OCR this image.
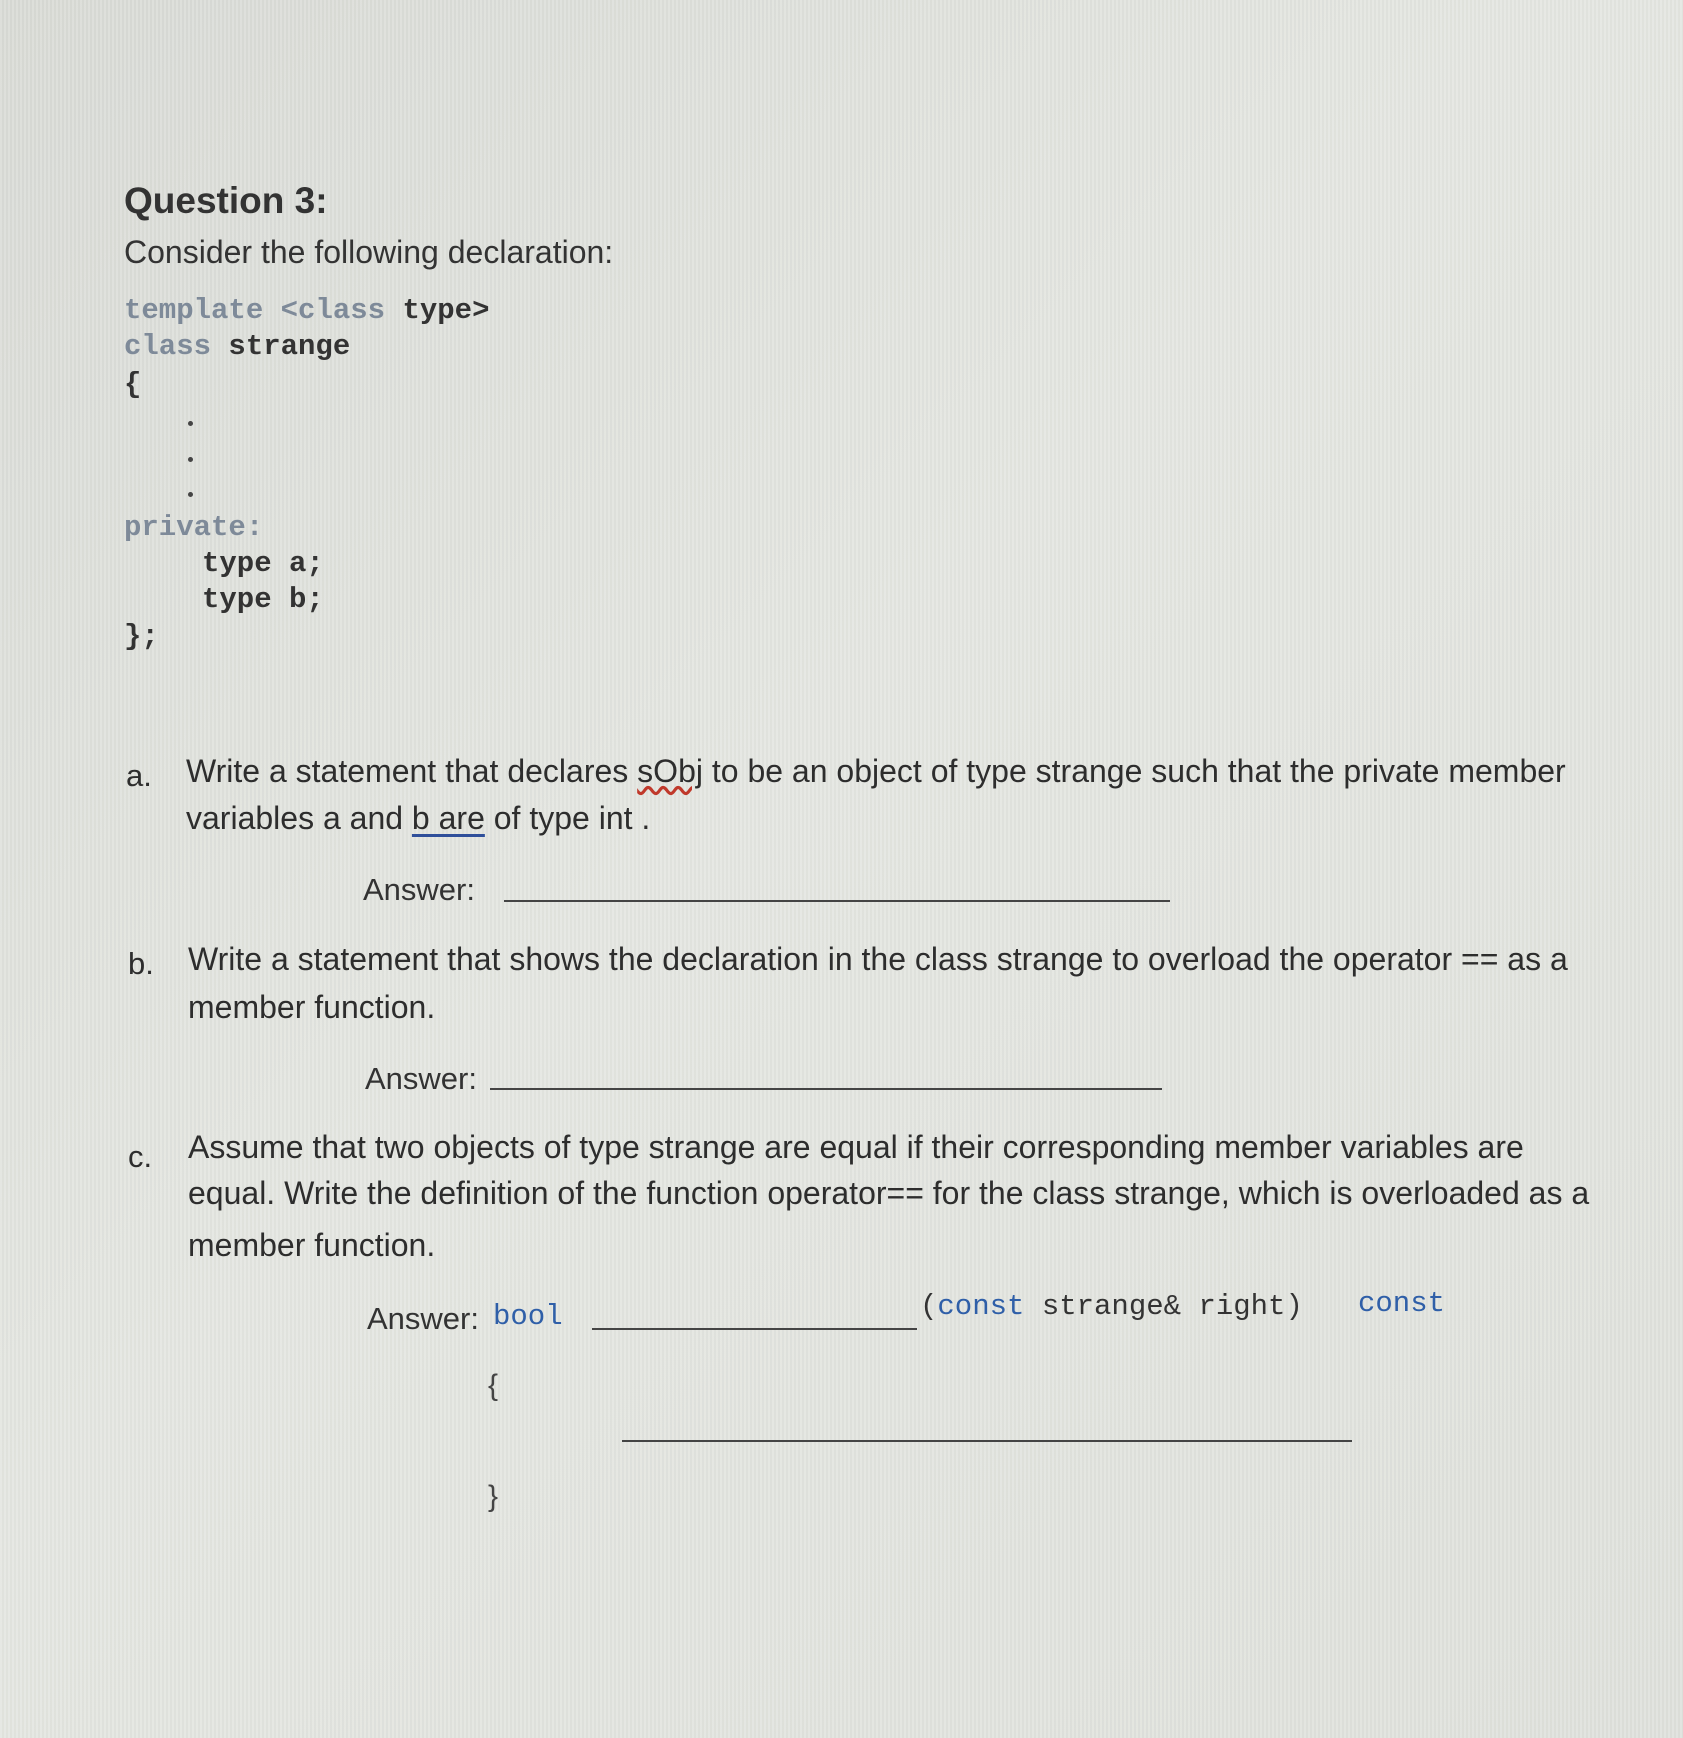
Question 3:
Consider the following declaration:
template <class type>
class strange
{
private:
type a;
type b;
};
a. Write a statement that declares sObj to be an object of type strange such that the private member
variables a and b are of type int .
Answer:
b. Write a statement that shows the declaration in the class strange to overload the operator == as a
member function.
Answer:
c. Assume that two objects of type strange are equal if their corresponding member variables are
equal. Write the definition of the function operator== for the class strange, which is overloaded as a
member function.
Answer: bool	(const strange& right) const
{
}
